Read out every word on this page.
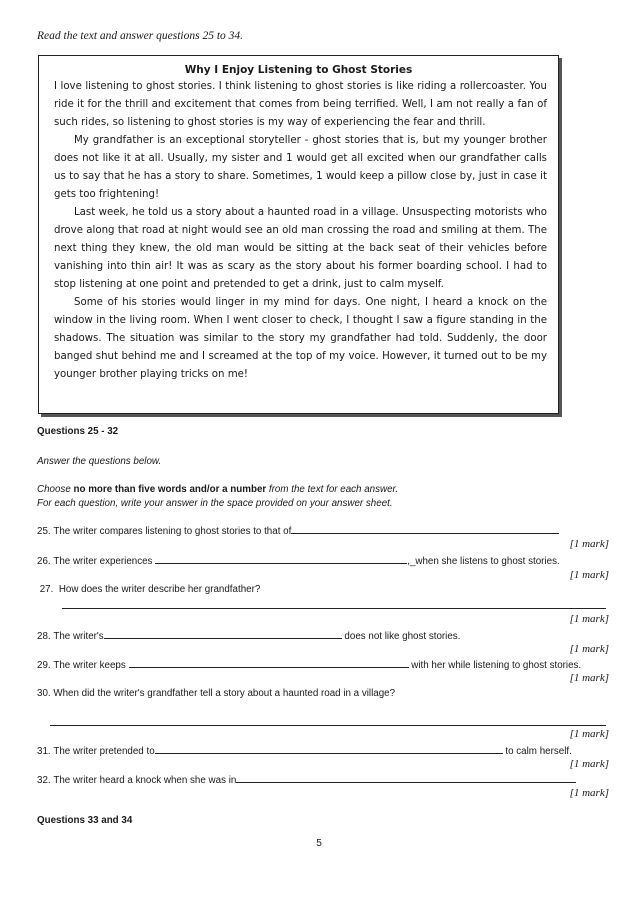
Read the text and answer questions 25 to 34.
Why I Enjoy Listening to Ghost Stories

I love listening to ghost stories. I think listening to ghost stories is like riding a rollercoaster. You ride it for the thrill and excitement that comes from being terrified. Well, I am not really a fan of such rides, so listening to ghost stories is my way of experiencing the fear and thrill.

My grandfather is an exceptional storyteller - ghost stories that is, but my younger brother does not like it at all. Usually, my sister and 1 would get all excited when our grandfather calls us to say that he has a story to share. Sometimes, 1 would keep a pillow close by, just in case it gets too frightening!

Last week, he told us a story about a haunted road in a village. Unsuspecting motorists who drove along that road at night would see an old man crossing the road and smiling at them. The next thing they knew, the old man would be sitting at the back seat of their vehicles before vanishing into thin air! It was as scary as the story about his former boarding school. I had to stop listening at one point and pretended to get a drink, just to calm myself.

Some of his stories would linger in my mind for days. One night, I heard a knock on the window in the living room. When I went closer to check, I thought I saw a figure standing in the shadows. The situation was similar to the story my grandfather had told. Suddenly, the door banged shut behind me and I screamed at the top of my voice. However, it turned out to be my younger brother playing tricks on me!

Questions 25 - 32
Answer the questions below.
Choose no more than five words and/or a number from the text for each answer.
For each question, write your answer in the space provided on your answer sheet.
25. The writer compares listening to ghost stories to that of
[1 mark]
26. The writer experiences	,_when she listens to ghost stories.
[1 mark]
27. How does the writer describe her grandfather?
[1 mark]
28. The writer's	does not like ghost stories.
[1 mark]
29. The writer keeps	with her while listening to ghost stories.
[1 mark]
30. When did the writer's grandfather tell a story about a haunted road in a village?
[1 mark]
31. The writer pretended to	to calm herself.
[1 mark]
32. The writer heard a knock when she was in
[1 mark]
Questions 33 and 34
5
